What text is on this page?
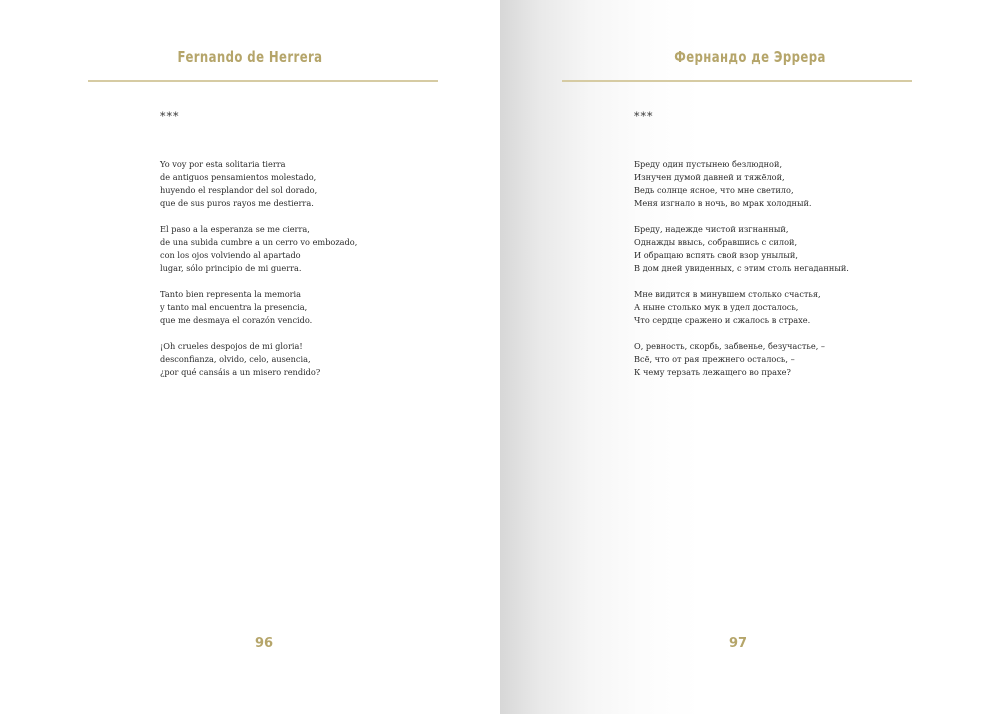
Fernando de Herrera
***
Yo voy por esta solitaria tierra
de antiguos pensamientos molestado,
huyendo el resplandor del sol dorado,
que de sus puros rayos me destierra.
El paso a la esperanza se me cierra,
de una subida cumbre a un cerro vo embozado,
con los ojos volviendo al apartado
lugar, sólo principio de mi guerra.
Tanto bien representa la memoria
y tanto mal encuentra la presencia,
que me desmaya el corazón vencido.
¡Oh crueles despojos de mi gloria!
desconfianza, olvido, celo, ausencia,
¿por qué cansáis a un misero rendido?
96
Фернандо де Эррера
***
Бреду один пустынею безлюдной,
Изнучен думой давней и тяжёлой,
Ведь солнце ясное, что мне светило,
Меня изгнало в ночь, во мрак холодный.
Бреду, надежде чистой изгнанный,
Однажды ввысь, собравшись с силой,
И обращаю вспять свой взор унылый,
В дом дней увиденных, с этим столь негаданный.
Мне видится в минувшем столько счастья,
А ныне столько мук в удел досталось,
Что сердце сражено и сжалось в страхе.
О, ревность, скорбь, забвенье, безучастье, –
Всё, что от рая прежнего осталось, –
К чему терзать лежащего во прахе?
97
